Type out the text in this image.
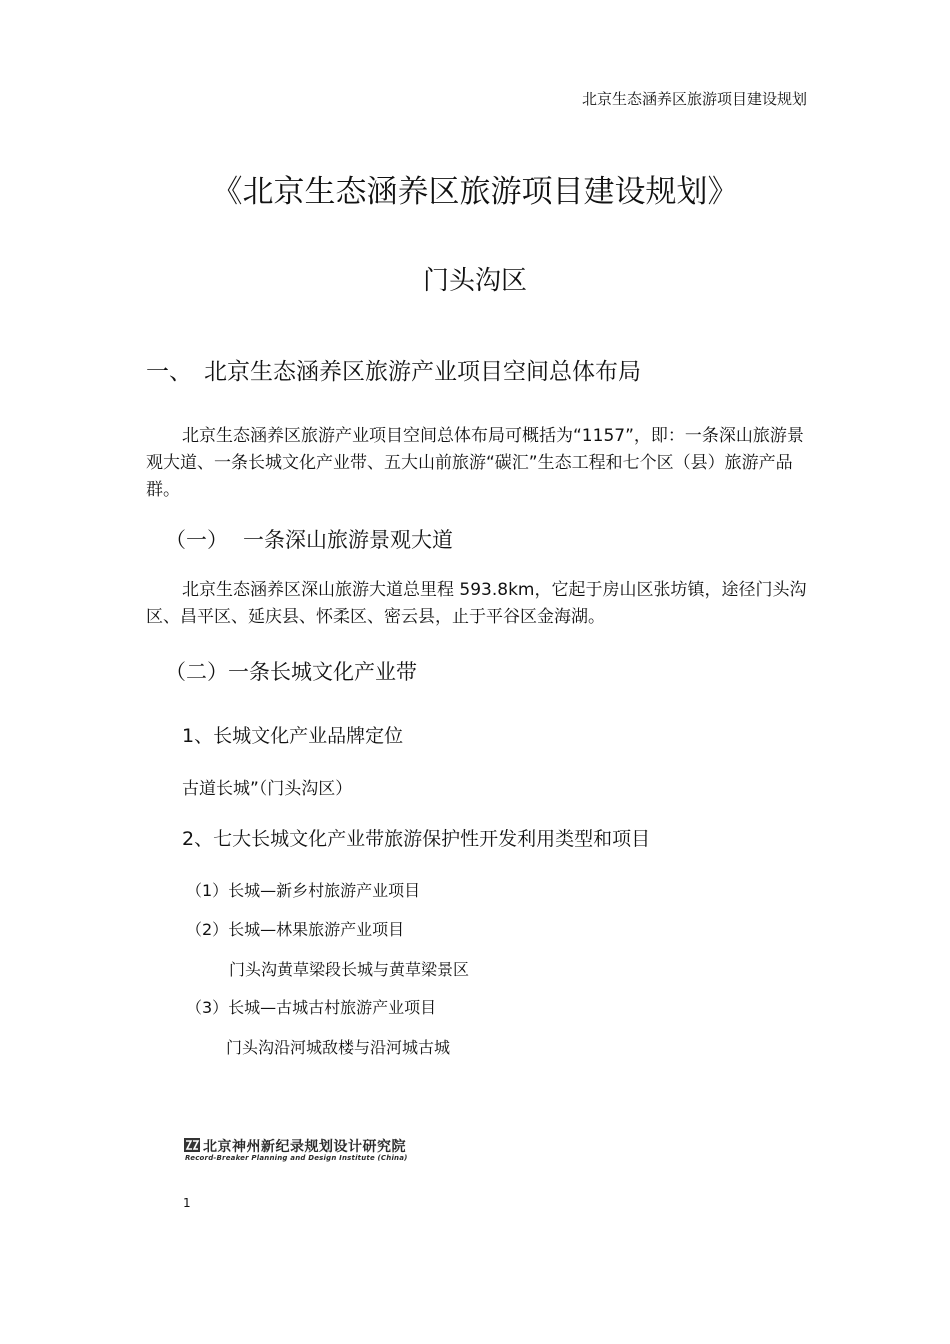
北京生态涵养区旅游项目建设规划
《北京生态涵养区旅游项目建设规划》
门头沟区
一、 北京生态涵养区旅游产业项目空间总体布局
北京生态涵养区旅游产业项目空间总体布局可概括为“1157”，即：一条深山旅游景观大道、一条长城文化产业带、五大山前旅游“碳汇”生态工程和七个区（县）旅游产品群。
（一） 一条深山旅游景观大道
北京生态涵养区深山旅游大道总里程 593.8km，它起于房山区张坊镇，途径门头沟区、昌平区、延庆县、怀柔区、密云县，止于平谷区金海湖。
（二）一条长城文化产业带
1、长城文化产业品牌定位
古道长城”（门头沟区）
2、七大长城文化产业带旅游保护性开发利用类型和项目
（1）长城—新乡村旅游产业项目
（2）长城—林果旅游产业项目
门头沟黄草梁段长城与黄草梁景区
（3）长城—古城古村旅游产业项目
门头沟沿河城敌楼与沿河城古城
北京神州新纪录规划设计研究院
Record-Breaker Planning and Design Institute (China)
1
